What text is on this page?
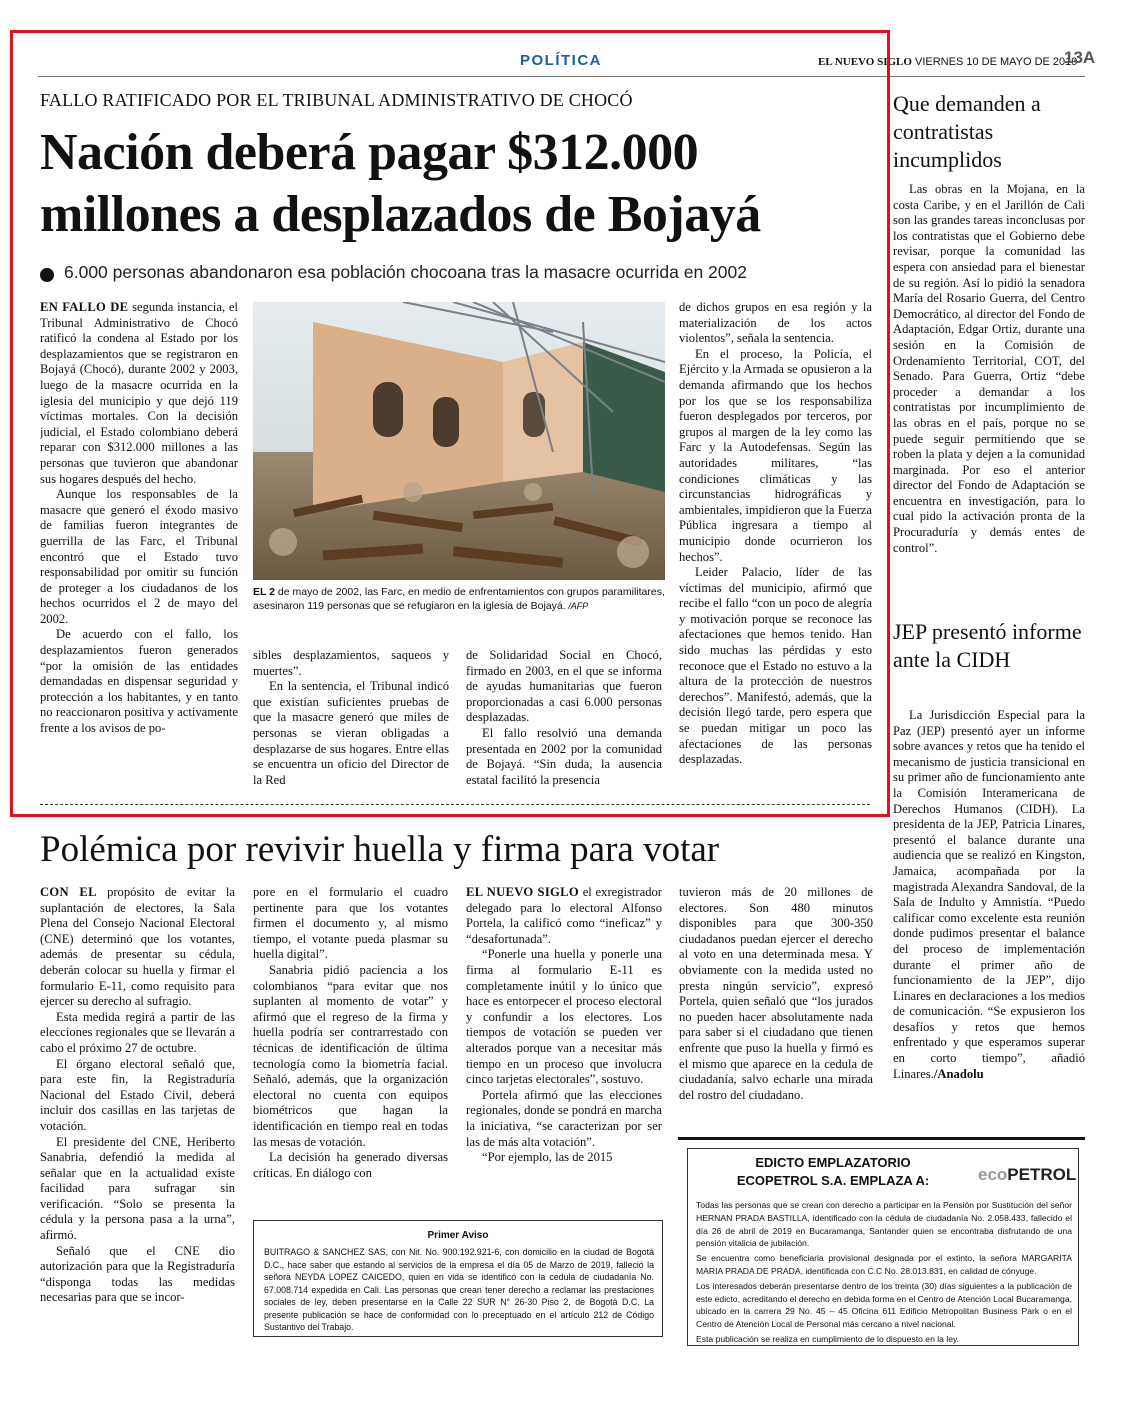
POLÍTICA	EL NUEVO SIGLO VIERNES 10 DE MAYO DE 2019
13A
FALLO RATIFICADO POR EL TRIBUNAL ADMINISTRATIVO DE CHOCÓ
Nación deberá pagar $312.000 millones a desplazados de Bojayá
6.000 personas abandonaron esa población chocoana tras la masacre ocurrida en 2002

EN FALLO DE segunda instancia, el Tribunal Administrativo de Chocó ratificó la condena al Estado por los desplazamientos que se registraron en Bojayá (Chocó), durante 2002 y 2003, luego de la masacre ocurrida en la iglesia del municipio y que dejó 119 víctimas mortales. Con la decisión judicial, el Estado colombiano deberá reparar con $312.000 millones a las personas que tuvieron que abandonar sus hogares después del hecho.

Aunque los responsables de la masacre que generó el éxodo masivo de familias fueron integrantes de guerrilla de las Farc, el Tribunal encontró que el Estado tuvo responsabilidad por omitir su función de proteger a los ciudadanos de los hechos ocurridos el 2 de mayo del 2002.

De acuerdo con el fallo, los desplazamientos fueron generados “por la omisión de las entidades demandadas en dispensar seguridad y protección a los habitantes, y en tanto no reaccionaron positiva y activamente frente a los avisos de po-

EL 2 de mayo de 2002, las Farc, en medio de enfrentamientos con grupos paramilitares, asesinaron 119 personas que se refugiaron en la iglesia de Bojayá. /AFP

sibles desplazamientos, saqueos y muertes”.

En la sentencia, el Tribunal indicó que existían suficientes pruebas de que la masacre generó que miles de personas se vieran obligadas a desplazarse de sus hogares. Entre ellas se encuentra un oficio del Director de la Red

de Solidaridad Social en Chocó, firmado en 2003, en el que se informa de ayudas humanitarias que fueron proporcionadas a casi 6.000 personas desplazadas.

El fallo resolvió una demanda presentada en 2002 por la comunidad de Bojayá. “Sin duda, la ausencia estatal facilitó la presencia

de dichos grupos en esa región y la materialización de los actos violentos”, señala la sentencia.

En el proceso, la Policía, el Ejército y la Armada se opusieron a la demanda afirmando que los hechos por los que se los responsabiliza fueron desplegados por terceros, por grupos al margen de la ley como las Farc y la Autodefensas. Según las autoridades militares, “las condiciones climáticas y las circunstancias hidrográficas y ambientales, impidieron que la Fuerza Pública ingresara a tiempo al municipio donde ocurrieron los hechos”.

Leider Palacio, líder de las víctimas del municipio, afirmó que recibe el fallo “con un poco de alegría y motivación porque se reconoce las afectaciones que hemos tenido. Han sido muchas las pérdidas y esto reconoce que el Estado no estuvo a la altura de la protección de nuestros derechos”. Manifestó, además, que la decisión llegó tarde, pero espera que se puedan mitigar un poco las afectaciones de las personas desplazadas.

Que demanden a contratistas incumplidos

Las obras en la Mojana, en la costa Caribe, y en el Jarillón de Cali son las grandes tareas inconclusas por los contratistas que el Gobierno debe revisar, porque la comunidad las espera con ansiedad para el bienestar de su región. Así lo pidió la senadora María del Rosario Guerra, del Centro Democrático, al director del Fondo de Adaptación, Edgar Ortiz, durante una sesión en la Comisión de Ordenamiento Territorial, COT, del Senado. Para Guerra, Ortiz “debe proceder a demandar a los contratistas por incumplimiento de las obras en el país, porque no se puede seguir permitiendo que se roben la plata y dejen a la comunidad marginada. Por eso el anterior director del Fondo de Adaptación se encuentra en investigación, para lo cual pido la activación pronta de la Procuraduría y demás entes de control”.

JEP presentó informe ante la CIDH

La Jurisdicción Especial para la Paz (JEP) presentó ayer un informe sobre avances y retos que ha tenido el mecanismo de justicia transicional en su primer año de funcionamiento ante la Comisión Interamericana de Derechos Humanos (CIDH). La presidenta de la JEP, Patricia Linares, presentó el balance durante una audiencia que se realizó en Kingston, Jamaica, acompañada por la magistrada Alexandra Sandoval, de la Sala de Indulto y Amnistía. “Puedo calificar como excelente esta reunión donde pudimos presentar el balance del proceso de implementación durante el primer año de funcionamiento de la JEP”, dijo Linares en declaraciones a los medios de comunicación. “Se expusieron los desafíos y retos que hemos enfrentado y que esperamos superar en corto tiempo”, añadió Linares./Anadolu

Polémica por revivir huella y firma para votar

CON EL propósito de evitar la suplantación de electores, la Sala Plena del Consejo Nacional Electoral (CNE) determinó que los votantes, además de presentar su cédula, deberán colocar su huella y firmar el formulario E-11, como requisito para ejercer su derecho al sufragio.

Esta medida regirá a partir de las elecciones regionales que se llevarán a cabo el próximo 27 de octubre.

El órgano electoral señaló que, para este fin, la Registraduría Nacional del Estado Civil, deberá incluir dos casillas en las tarjetas de votación.

El presidente del CNE, Heriberto Sanabria, defendió la medida al señalar que en la actualidad existe facilidad para sufragar sin verificación. “Solo se presenta la cédula y la persona pasa a la urna”, afirmó.

Señaló que el CNE dio autorización para que la Registraduría “disponga todas las medidas necesarias para que se incor-

pore en el formulario el cuadro pertinente para que los votantes firmen el documento y, al mismo tiempo, el votante pueda plasmar su huella digital”.

Sanabria pidió paciencia a los colombianos “para evitar que nos suplanten al momento de votar” y afirmó que el regreso de la firma y huella podría ser contrarrestado con técnicas de identificación de última tecnología como la biometría facial. Señaló, además, que la organización electoral no cuenta con equipos biométricos que hagan la identificación en tiempo real en todas las mesas de votación.

La decisión ha generado diversas críticas. En diálogo con

EL NUEVO SIGLO el exregistrador delegado para lo electoral Alfonso Portela, la calificó como “ineficaz” y “desafortunada”.

“Ponerle una huella y ponerle una firma al formulario E-11 es completamente inútil y lo único que hace es entorpecer el proceso electoral y confundir a los electores. Los tiempos de votación se pueden ver alterados porque van a necesitar más tiempo en un proceso que involucra cinco tarjetas electorales”, sostuvo.

Portela afirmó que las elecciones regionales, donde se pondrá en marcha la iniciativa, “se caracterizan por ser las de más alta votación”.

“Por ejemplo, las de 2015

tuvieron más de 20 millones de electores. Son 480 minutos disponibles para que 300-350 ciudadanos puedan ejercer el derecho al voto en una determinada mesa. Y obviamente con la medida usted no presta ningún servicio”, expresó Portela, quien señaló que “los jurados no pueden hacer absolutamente nada para saber si el ciudadano que tienen enfrente que puso la huella y firmó es el mismo que aparece en la cedula de ciudadanía, salvo echarle una mirada del rostro del ciudadano.

Primer Aviso
BUITRAGO & SANCHEZ SAS, con Nit. No. 900.192.921-6, con domicilio en la ciudad de Bogotá D.C., hace saber que estando al servicios de la empresa el día 05 de Marzo de 2019, falleció la señora NEYDA LOPEZ CAICEDO, quien en vida se identificó con la cedula de ciudadanía No. 67.008.714 expedida en Cali. Las personas que crean tener derecho a reclamar las prestaciones sociales de ley, deben presentarse en la Calle 22 SUR N° 26-30 Piso 2, de Bogotá D.C. La presente publicación se hace de conformidad con lo preceptuado en el artículo 212 de Código Sustantivo del Trabajo.
EDICTO EMPLAZATORIO
ECOPETROL S.A. EMPLAZA A:	ecoPETROL

Todas las personas que se crean con derecho a participar en la Pensión por Sustitución del señor HERNAN PRADA BASTILLA, identificado con la cédula de ciudadanía No. 2.058.433, fallecido el día 26 de abril de 2019 en Bucaramanga, Santander quien se encontraba disfrutando de una pensión vitalicia de jubilación.

Se encuentra como beneficiaria provisional designada por el extinto, la señora MARGARITA MARIA PRADA DE PRADA, identificada con C.C No. 28.013.831, en calidad de cónyuge.

Los interesados deberán presentarse dentro de los treinta (30) días siguientes a la publicación de este edicto, acreditando el derecho en debida forma en el Centro de Atención Local Bucaramanga, ubicado en la carrera 29 No. 45 – 45 Oficina 611 Edificio Metropolitan Business Park o en el Centro de Atención Local de Personal más cercano a nivel nacional.

Esta publicación se realiza en cumplimiento de lo dispuesto en la ley.
